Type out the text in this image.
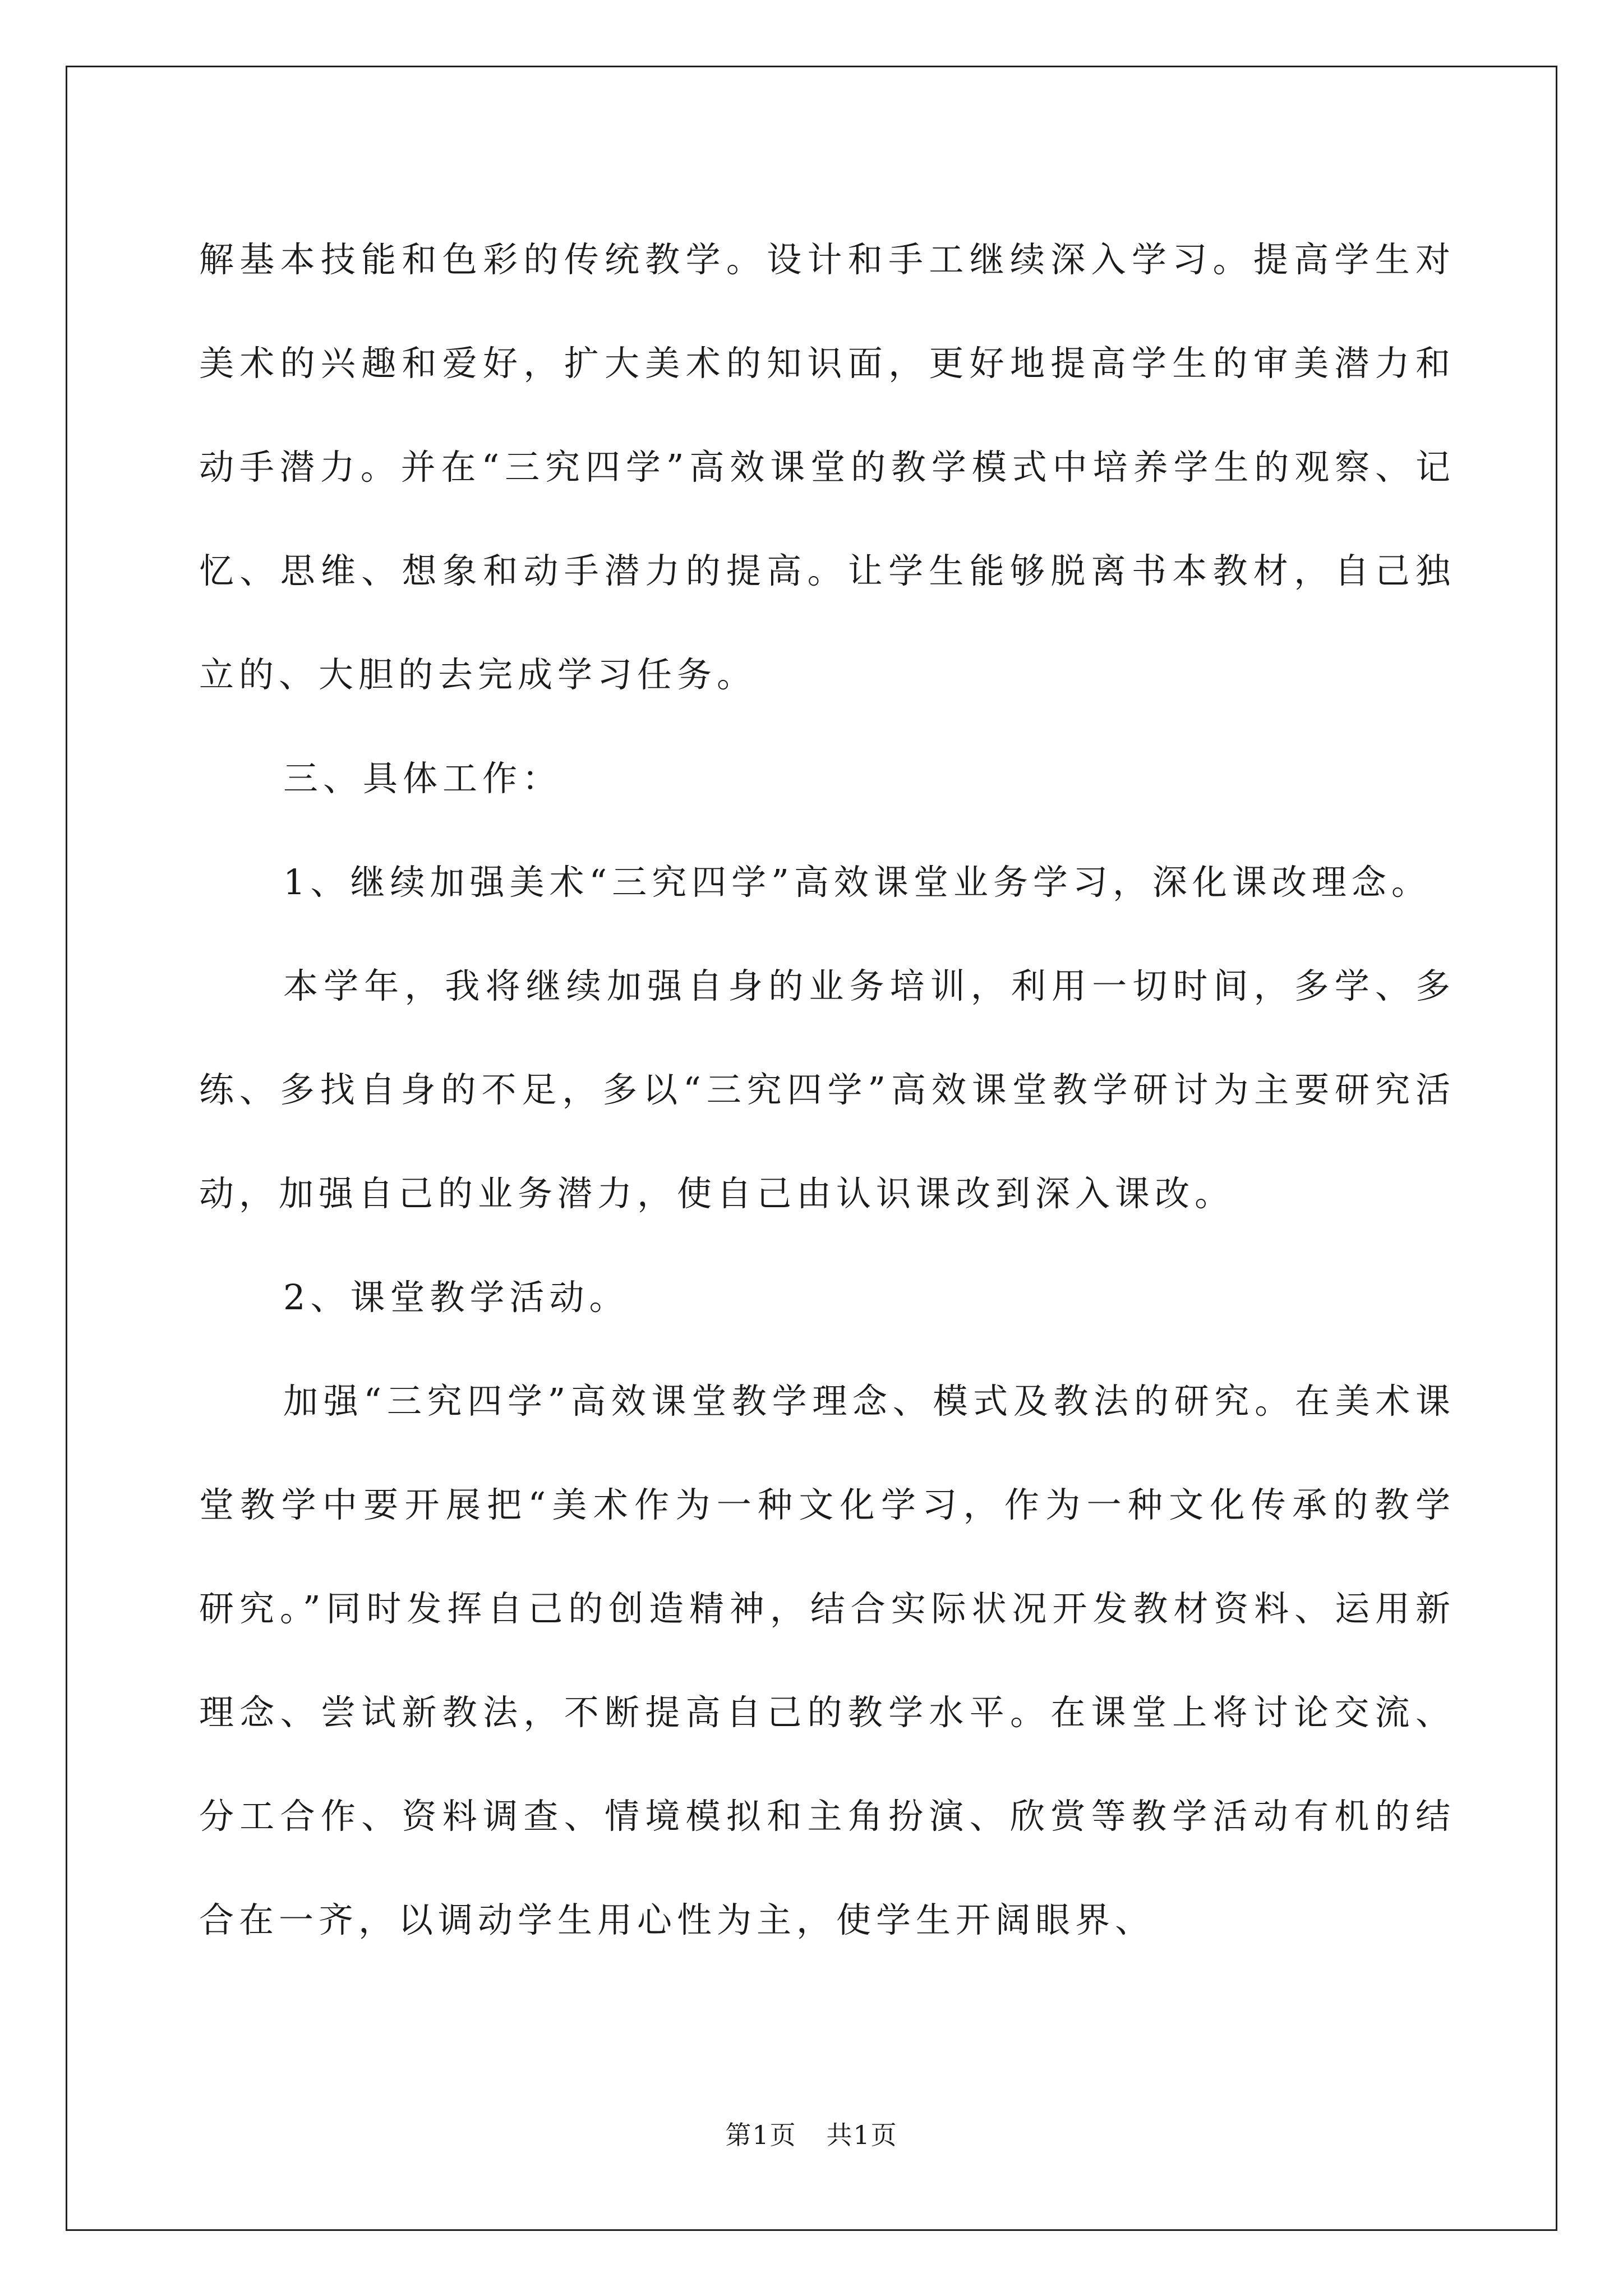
解基本技能和色彩的传统教学。设计和手工继续深入学习。提高学生对美术的兴趣和爱好，扩大美术的知识面，更好地提高学生的审美潜力和动手潜力。并在“三究四学”高效课堂的教学模式中培养学生的观察、记忆、思维、想象和动手潜力的提高。让学生能够脱离书本教材，自己独立的、大胆的去完成学习任务。

三、具体工作：

1、继续加强美术“三究四学”高效课堂业务学习，深化课改理念。

本学年，我将继续加强自身的业务培训，利用一切时间，多学、多练、多找自身的不足，多以“三究四学”高效课堂教学研讨为主要研究活动，加强自己的业务潜力，使自己由认识课改到深入课改。

2、课堂教学活动。

加强“三究四学”高效课堂教学理念、模式及教法的研究。在美术课堂教学中要开展把“美术作为一种文化学习，作为一种文化传承的教学研究。”同时发挥自己的创造精神，结合实际状况开发教材资料、运用新理念、尝试新教法，不断提高自己的教学水平。在课堂上将讨论交流、分工合作、资料调查、情境模拟和主角扮演、欣赏等教学活动有机的结合在一齐，以调动学生用心性为主，使学生开阔眼界、

第1页 共1页
